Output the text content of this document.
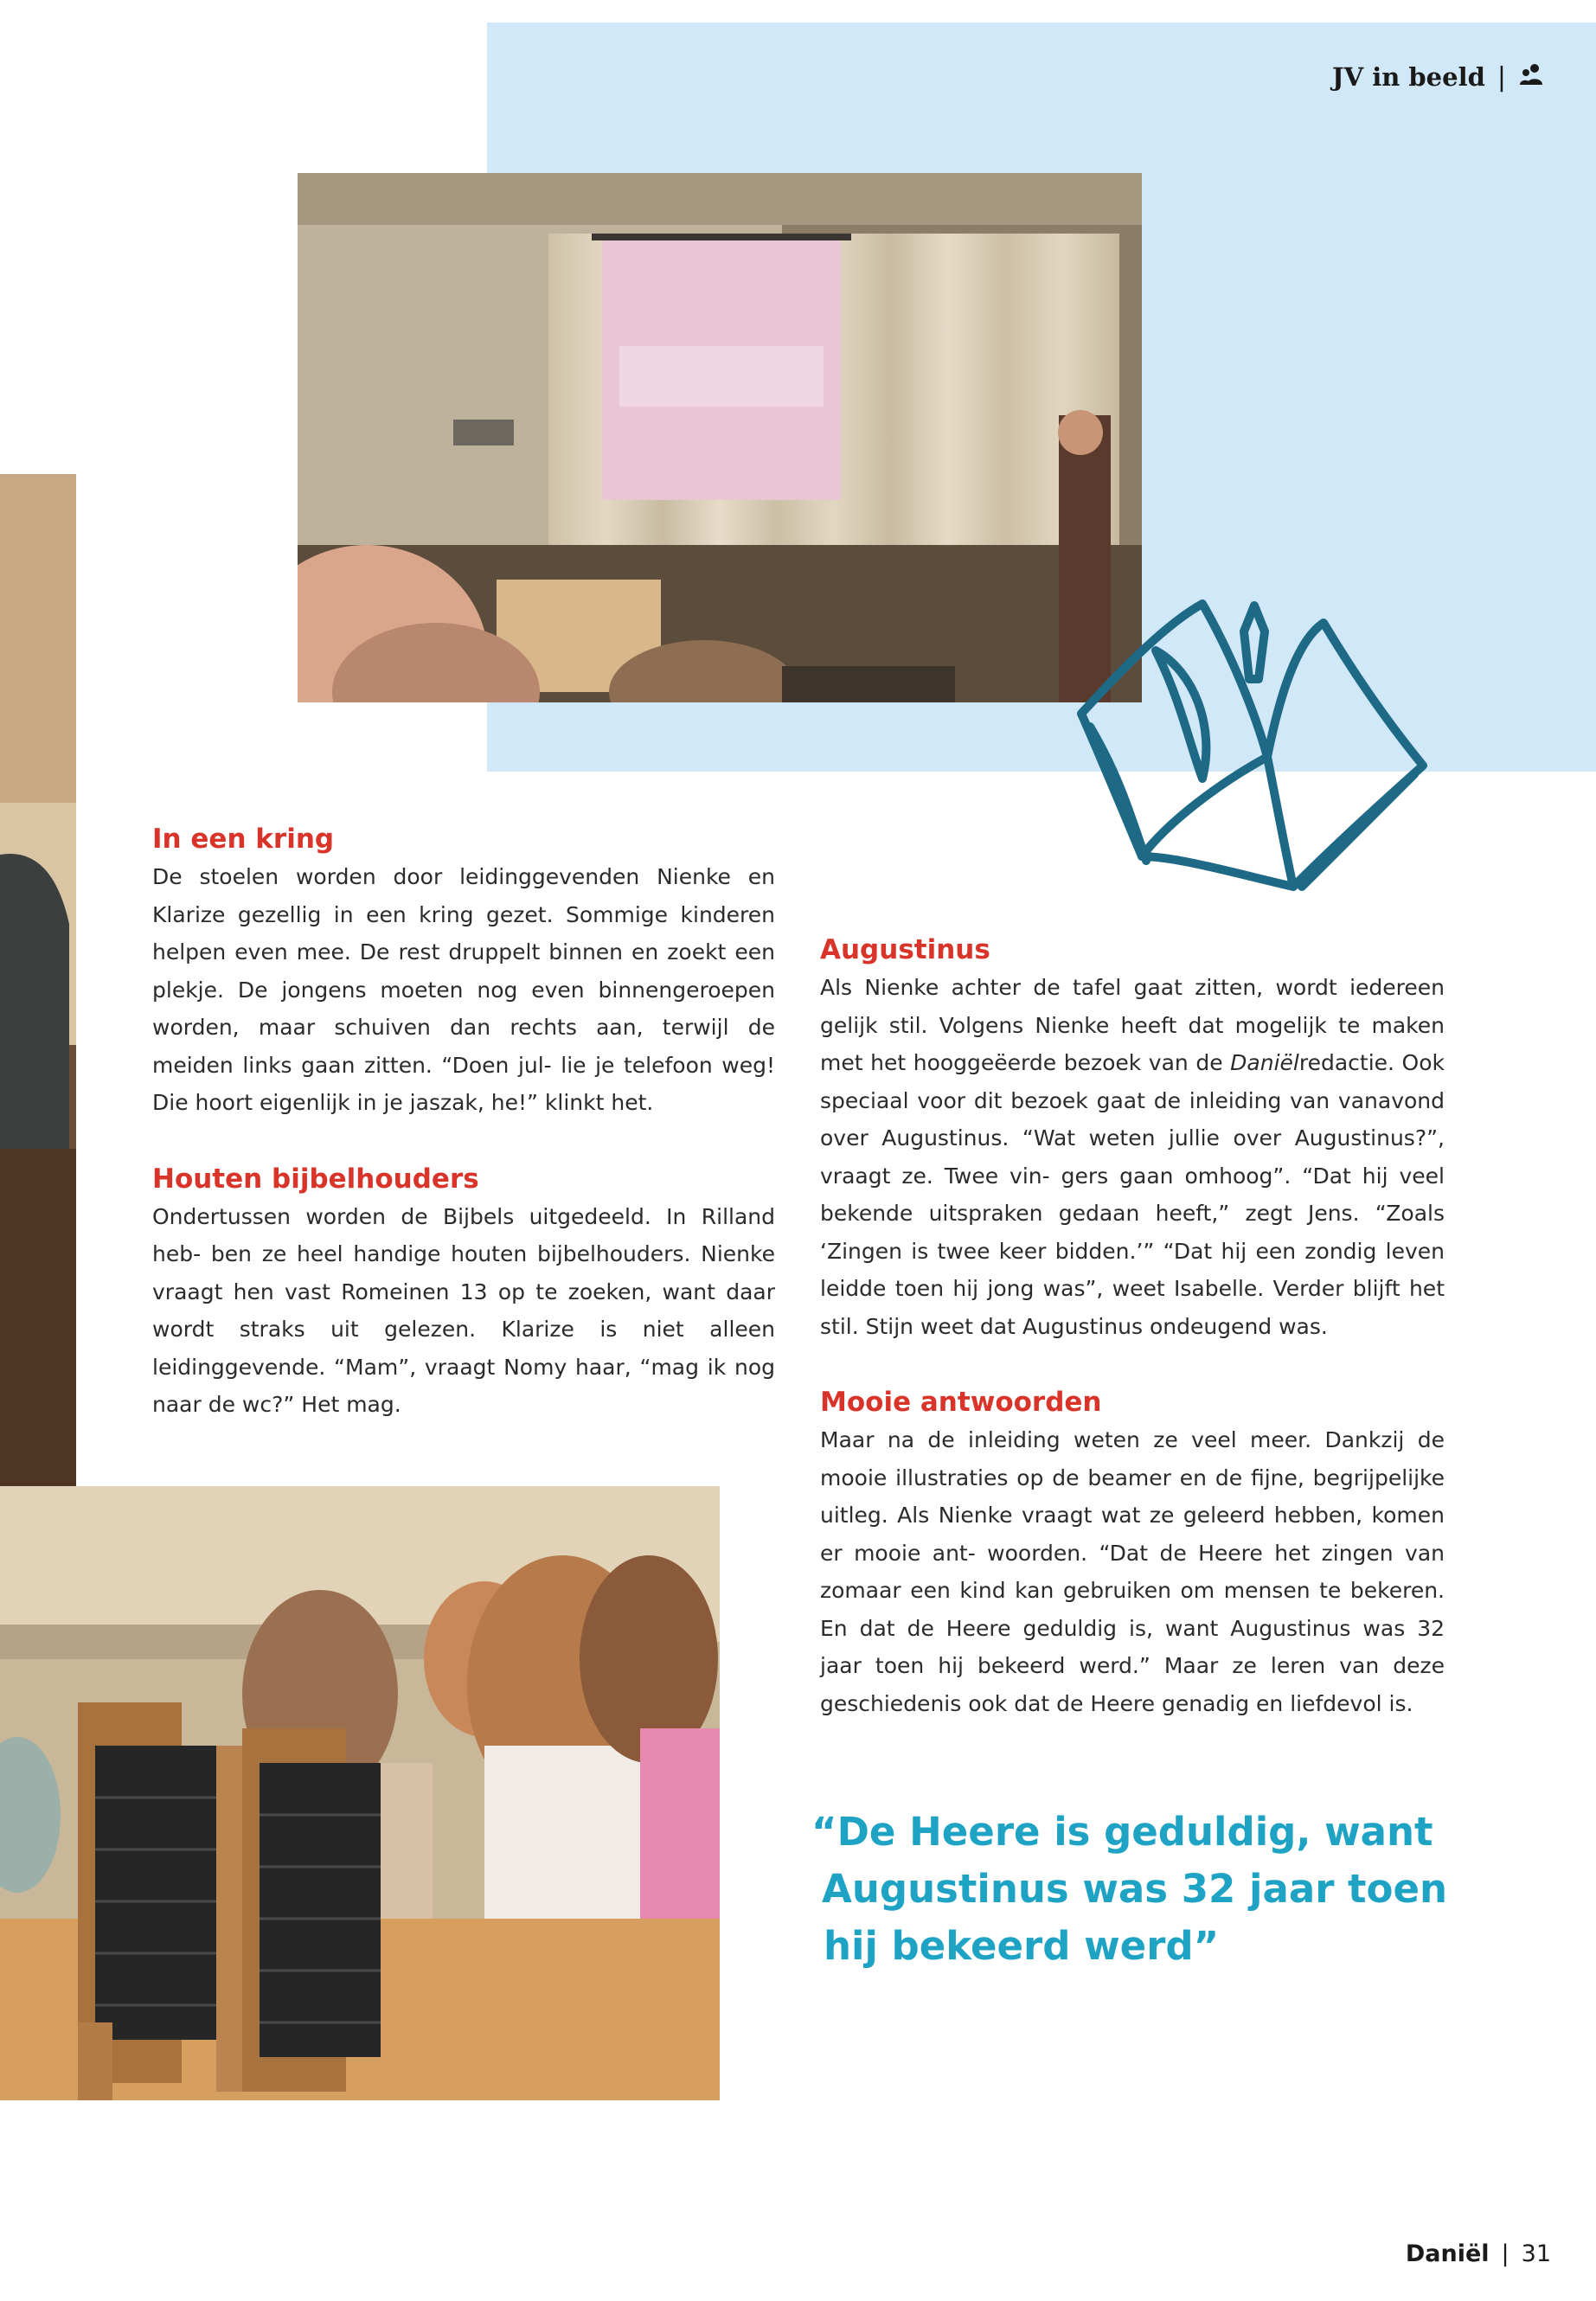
JV in beeld |
In een kring

De stoelen worden door leidinggevenden Nienke en Klarize gezellig in een kring gezet. Sommige kinderen helpen even mee. De rest druppelt binnen en zoekt een plekje. De jongens moeten nog even binnengeroepen worden, maar schuiven dan rechts aan, terwijl de meiden links gaan zitten. “Doen jul- lie je telefoon weg! Die hoort eigenlijk in je jaszak, he!” klinkt het.

Houten bijbelhouders

Ondertussen worden de Bijbels uitgedeeld. In Rilland heb- ben ze heel handige houten bijbelhouders. Nienke vraagt hen vast Romeinen 13 op te zoeken, want daar wordt straks uit gelezen. Klarize is niet alleen leidinggevende. “Mam”, vraagt Nomy haar, “mag ik nog naar de wc?” Het mag.

Augustinus

Als Nienke achter de tafel gaat zitten, wordt iedereen gelijk stil. Volgens Nienke heeft dat mogelijk te maken met het hooggeëerde bezoek van de Daniëlredactie. Ook speciaal voor dit bezoek gaat de inleiding van vanavond over Augustinus. “Wat weten jullie over Augustinus?”, vraagt ze. Twee vin- gers gaan omhoog”. “Dat hij veel bekende uitspraken gedaan heeft,” zegt Jens. “Zoals ‘Zingen is twee keer bidden.’” “Dat hij een zondig leven leidde toen hij jong was”, weet Isabelle. Verder blijft het stil. Stijn weet dat Augustinus ondeugend was.

Mooie antwoorden

Maar na de inleiding weten ze veel meer. Dankzij de mooie illustraties op de beamer en de fijne, begrijpelijke uitleg. Als Nienke vraagt wat ze geleerd hebben, komen er mooie ant- woorden. “Dat de Heere het zingen van zomaar een kind kan gebruiken om mensen te bekeren. En dat de Heere geduldig is, want Augustinus was 32 jaar toen hij bekeerd werd.” Maar ze leren van deze geschiedenis ook dat de Heere genadig en liefdevol is.

“De Heere is geduldig, want
Augustinus was 32 jaar toen
hij bekeerd werd”
Daniël | 31
